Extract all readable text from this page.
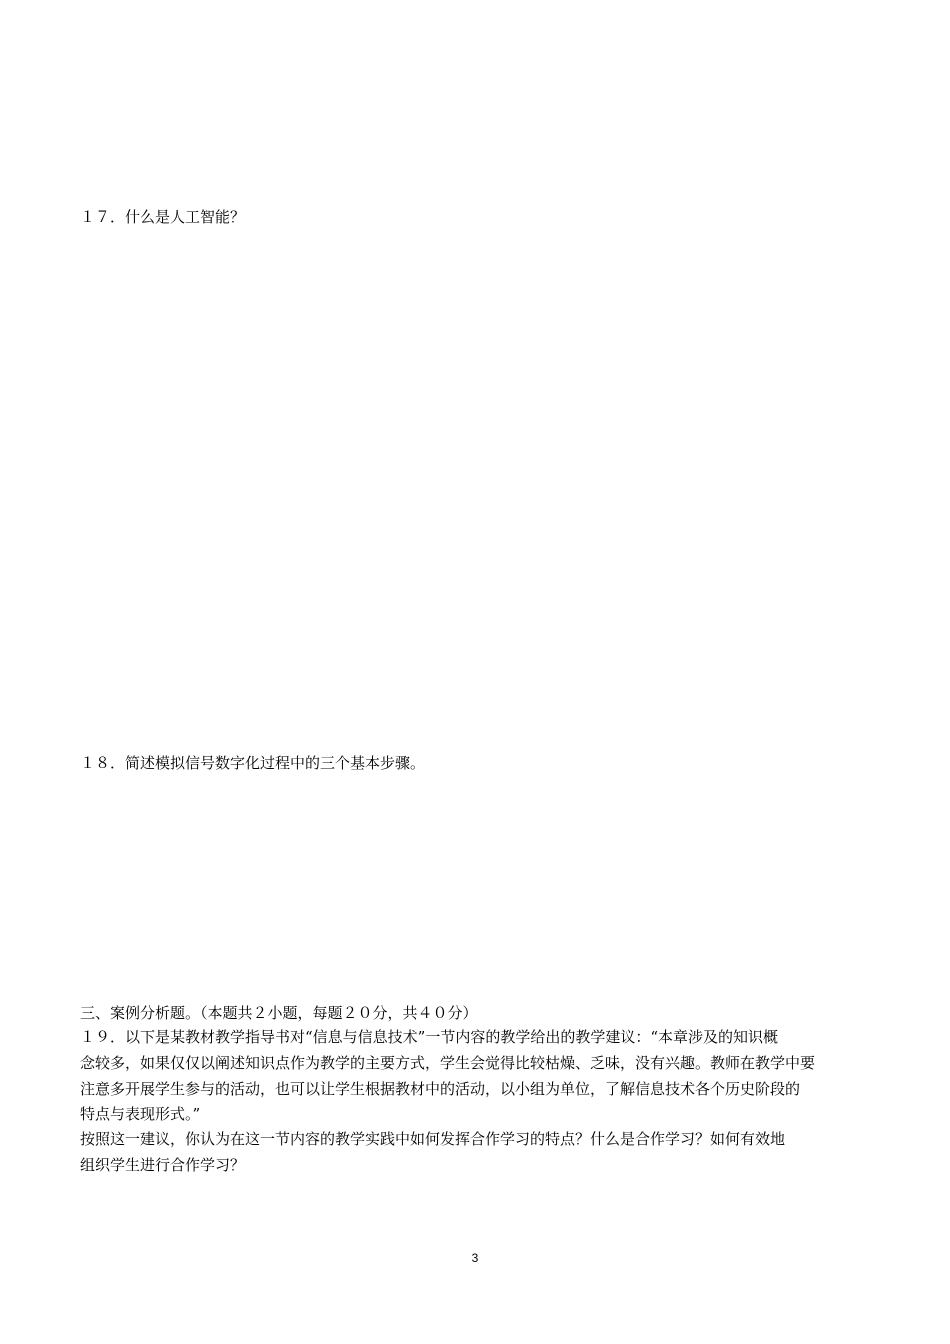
１７．什么是人工智能？
１８．简述模拟信号数字化过程中的三个基本步骤。
三、案例分析题。（本题共２小题，每题２０分，共４０分）
１９．以下是某教材教学指导书对“信息与信息技术”一节内容的教学给出的教学建议：“本章涉及的知识概
念较多，如果仅仅以阐述知识点作为教学的主要方式，学生会觉得比较枯燥、乏味，没有兴趣。教师在教学中要
注意多开展学生参与的活动，也可以让学生根据教材中的活动，以小组为单位，了解信息技术各个历史阶段的
特点与表现形式。”
按照这一建议，你认为在这一节内容的教学实践中如何发挥合作学习的特点？什么是合作学习？如何有效地
组织学生进行合作学习？
3
